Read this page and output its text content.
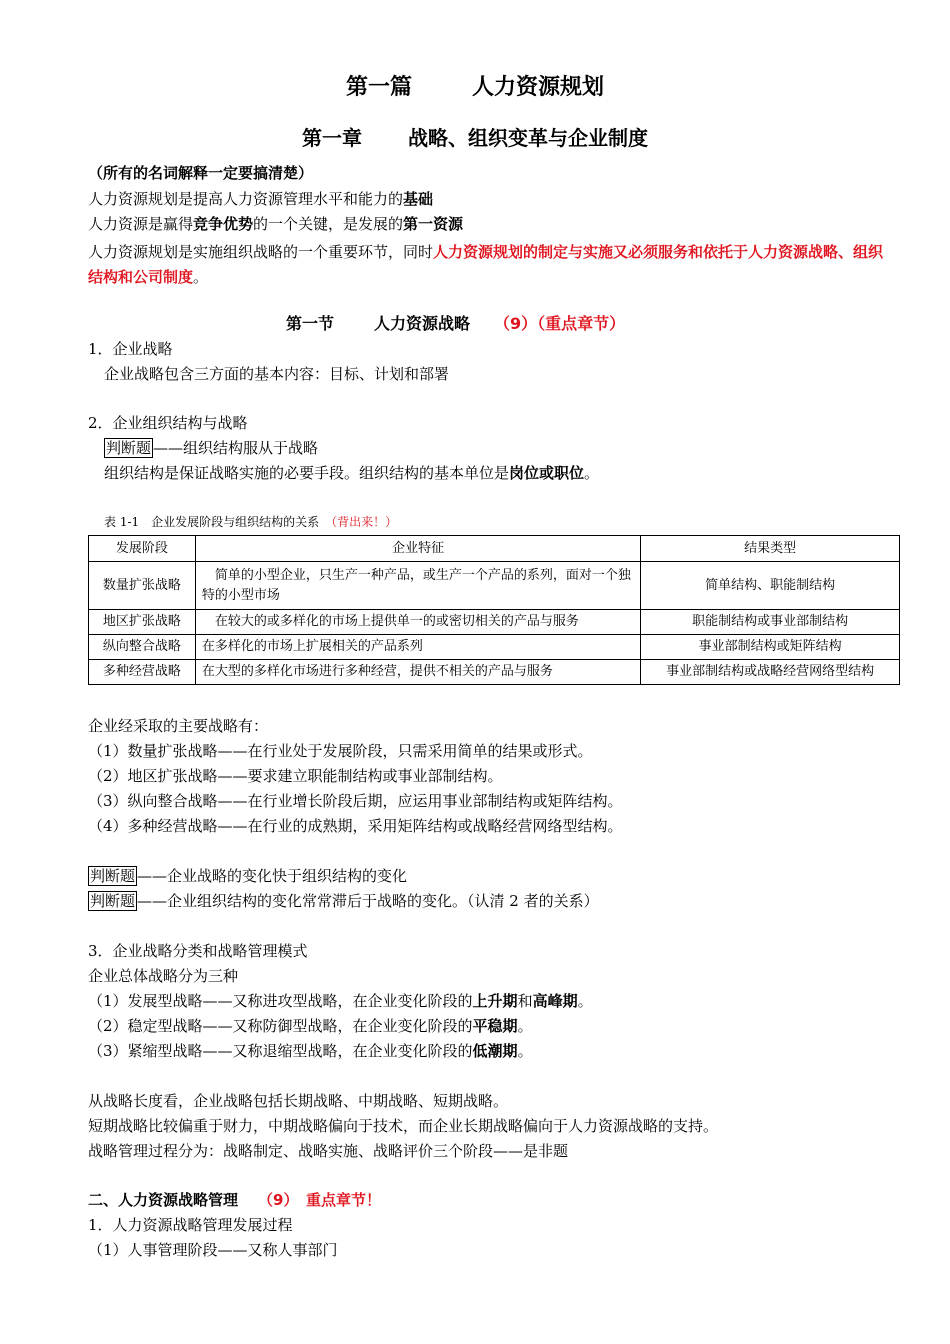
第一篇	人力资源规划
第一章 战略、组织变革与企业制度
（所有的名词解释一定要搞清楚）
人力资源规划是提高人力资源管理水平和能力的基础
人力资源是赢得竞争优势的一个关键，是发展的第一资源
人力资源规划是实施组织战略的一个重要环节，同时人力资源规划的制定与实施又必须服务和依托于人力资源战略、组织结构和公司制度。
第一节	人力资源战略 （9）（重点章节）
1．企业战略
企业战略包含三方面的基本内容：目标、计划和部署
2．企业组织结构与战略
判断题 ——组织结构服从于战略
组织结构是保证战略实施的必要手段。组织结构的基本单位是岗位或职位。
表 1-1　企业发展阶段与组织结构的关系　 （背出来！）
发展阶段	企业特征	结果类型
数量扩张战略	　简单的小型企业，只生产一种产品，或生产一个产品的系列，面对一个独特的小型市场	简单结构、职能制结构
地区扩张战略	　在较大的或多样化的市场上提供单一的或密切相关的产品与服务	职能制结构或事业部制结构
纵向整合战略	在多样化的市场上扩展相关的产品系列	事业部制结构或矩阵结构
多种经营战略	在大型的多样化市场进行多种经营，提供不相关的产品与服务	事业部制结构或战略经营网络型结构
企业经采取的主要战略有：
（1）数量扩张战略——在行业处于发展阶段，只需采用简单的结果或形式。
（2）地区扩张战略——要求建立职能制结构或事业部制结构。
（3）纵向整合战略——在行业增长阶段后期，应运用事业部制结构或矩阵结构。
（4）多种经营战略——在行业的成熟期，采用矩阵结构或战略经营网络型结构。
判断题 ——企业战略的变化快于组织结构的变化
判断题 ——企业组织结构的变化常常滞后于战略的变化。（认清 2 者的关系）
3．企业战略分类和战略管理模式
企业总体战略分为三种
（1）发展型战略——又称进攻型战略，在企业变化阶段的上升期和高峰期。
（2）稳定型战略——又称防御型战略，在企业变化阶段的平稳期。
（3）紧缩型战略——又称退缩型战略，在企业变化阶段的低潮期。
从战略长度看，企业战略包括长期战略、中期战略、短期战略。
短期战略比较偏重于财力，中期战略偏向于技术，而企业长期战略偏向于人力资源战略的支持。
战略管理过程分为：战略制定、战略实施、战略评价三个阶段——是非题
二、人力资源战略管理 （9）　重点章节！
1．人力资源战略管理发展过程
（1）人事管理阶段——又称人事部门
